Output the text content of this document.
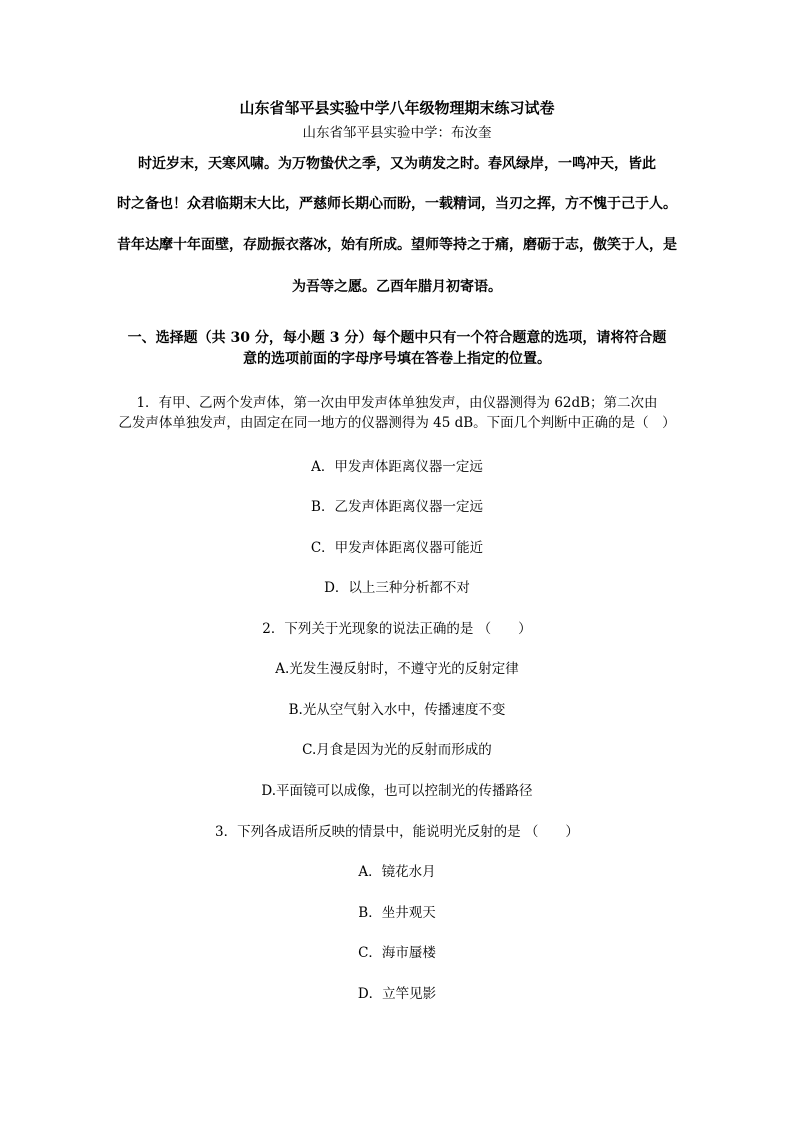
山东省邹平县实验中学八年级物理期末练习试卷
山东省邹平县实验中学：布汝奎
时近岁末，天寒风啸。为万物蛰伏之季，又为萌发之时。春风绿岸，一鸣冲天，皆此
时之备也！众君临期末大比，严慈师长期心而盼，一载精词，当刃之挥，方不愧于己于人。
昔年达摩十年面壁，存励振衣落冰，始有所成。望师等持之于痛，磨砺于志，傲笑于人，是
为吾等之愿。乙酉年腊月初寄语。
一、选择题（共 30 分，每小题 3 分）每个题中只有一个符合题意的选项，请将符合题
意的选项前面的字母序号填在答卷上指定的位置。
1．有甲、乙两个发声体，第一次由甲发声体单独发声，由仪器测得为 62dB；第二次由
乙发声体单独发声，由固定在同一地方的仪器测得为 45 dB。下面几个判断中正确的是（　）
A．甲发声体距离仪器一定远
B．乙发声体距离仪器一定远
C．甲发声体距离仪器可能近
D．以上三种分析都不对
2．下列关于光现象的说法正确的是 （　　）
A.光发生漫反射时，不遵守光的反射定律
B.光从空气射入水中，传播速度不变
C.月食是因为光的反射而形成的
D.平面镜可以成像，也可以控制光的传播路径
3．下列各成语所反映的情景中，能说明光反射的是 （　　）
A．镜花水月
B．坐井观天
C．海市蜃楼
D．立竿见影
